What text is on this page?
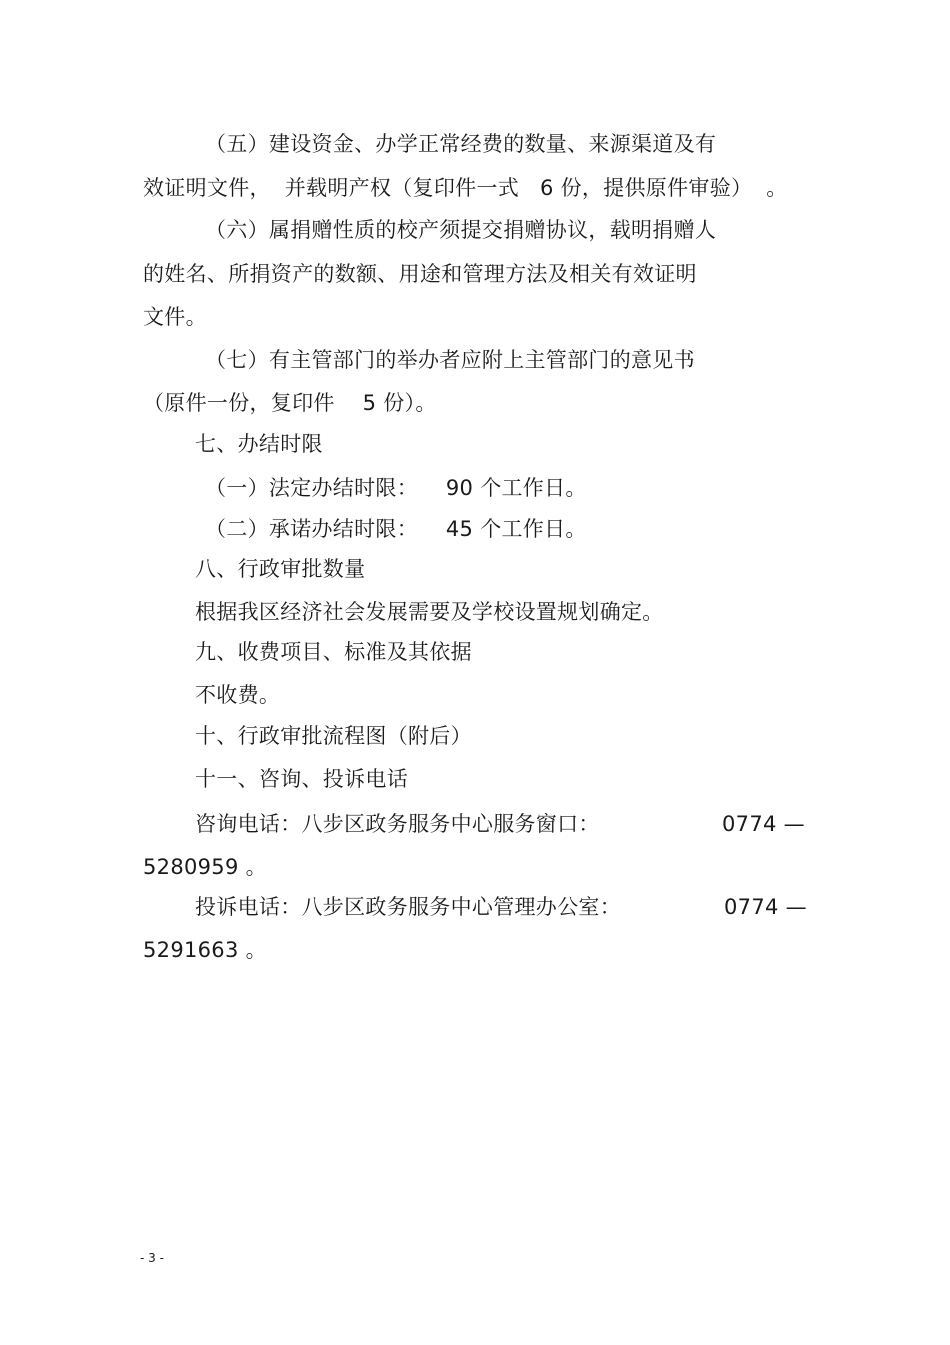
（五）建设资金、办学正常经费的数量、来源渠道及有
效证明文件，  并载明产权（复印件一式   6 份，提供原件审验）  。
（六）属捐赠性质的校产须提交捐赠协议，载明捐赠人
的姓名、所捐资产的数额、用途和管理方法及相关有效证明
文件。
（七）有主管部门的举办者应附上主管部门的意见书
（原件一份，复印件    5 份）。
七、办结时限
（一）法定办结时限：    90 个工作日。
（二）承诺办结时限：    45 个工作日。
八、行政审批数量
根据我区经济社会发展需要及学校设置规划确定。
九、收费项目、标准及其依据
不收费。
十、行政审批流程图（附后）
十一、咨询、投诉电话
咨询电话：八步区政务服务中心服务窗口：	0774 —
5280959 。
投诉电话：八步区政务服务中心管理办公室：	0774 —
5291663 。
- 3 -
